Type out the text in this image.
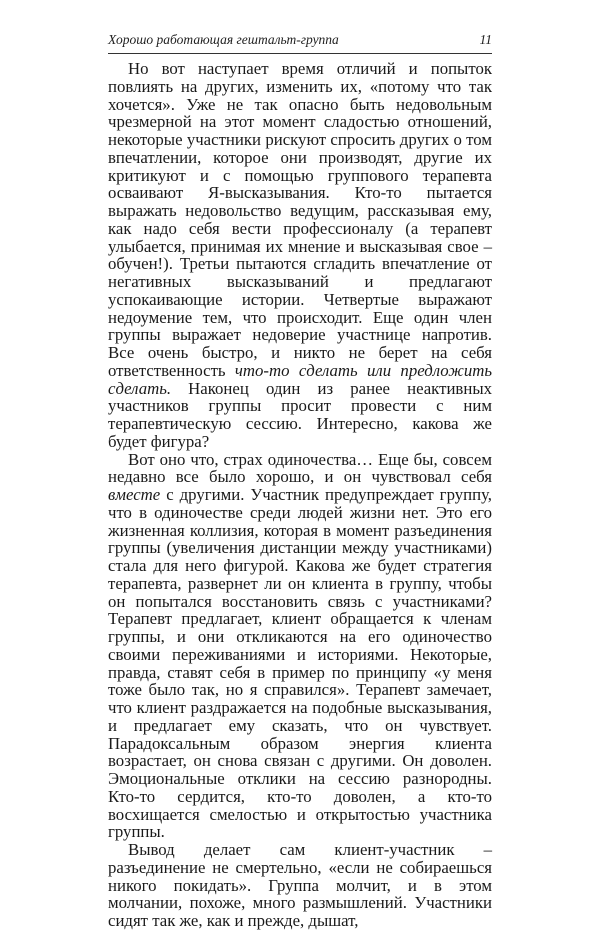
Хорошо работающая гештальт-группа	11

Но вот наступает время отличий и попыток повлиять на других, изменить их, «потому что так хочется». Уже не так опасно быть недовольным чрезмерной на этот момент сладостью отношений, некоторые участники рискуют спросить других о том впечатлении, которое они производят, другие их критикуют и с помощью группового терапевта осваивают Я-высказывания. Кто-то пытается выражать недовольство ведущим, рассказывая ему, как надо себя вести профессионалу (а терапевт улыбается, принимая их мнение и высказывая свое – обучен!). Третьи пытаются сгладить впечатление от негативных высказываний и предлагают успокаивающие истории. Четвертые выражают недоумение тем, что происходит. Еще один член группы выражает недоверие участнице напротив. Все очень быстро, и никто не берет на себя ответственность что-то сделать или предложить сделать. Наконец один из ранее неактивных участников группы просит провести с ним терапевтическую сессию. Интересно, какова же будет фигура?

Вот оно что, страх одиночества… Еще бы, совсем недавно все было хорошо, и он чувствовал себя вместе с другими. Участник предупреждает группу, что в одиночестве среди людей жизни нет. Это его жизненная коллизия, которая в момент разъединения группы (увеличения дистанции между участниками) стала для него фигурой. Какова же будет стратегия терапевта, развернет ли он клиента в группу, чтобы он попытался восстановить связь с участниками? Терапевт предлагает, клиент обращается к членам группы, и они откликаются на его одиночество своими переживаниями и историями. Некоторые, правда, ставят себя в пример по принципу «у меня тоже было так, но я справился». Терапевт замечает, что клиент раздражается на подобные высказывания, и предлагает ему сказать, что он чувствует. Парадоксальным образом энергия клиента возрастает, он снова связан с другими. Он доволен. Эмоциональные отклики на сессию разнородны. Кто-то сердится, кто-то доволен, а кто-то восхищается смелостью и открытостью участника группы.

Вывод делает сам клиент-участник – разъединение не смертельно, «если не собираешься никого покидать». Группа молчит, и в этом молчании, похоже, много размышлений. Участники сидят так же, как и прежде, дышат,
